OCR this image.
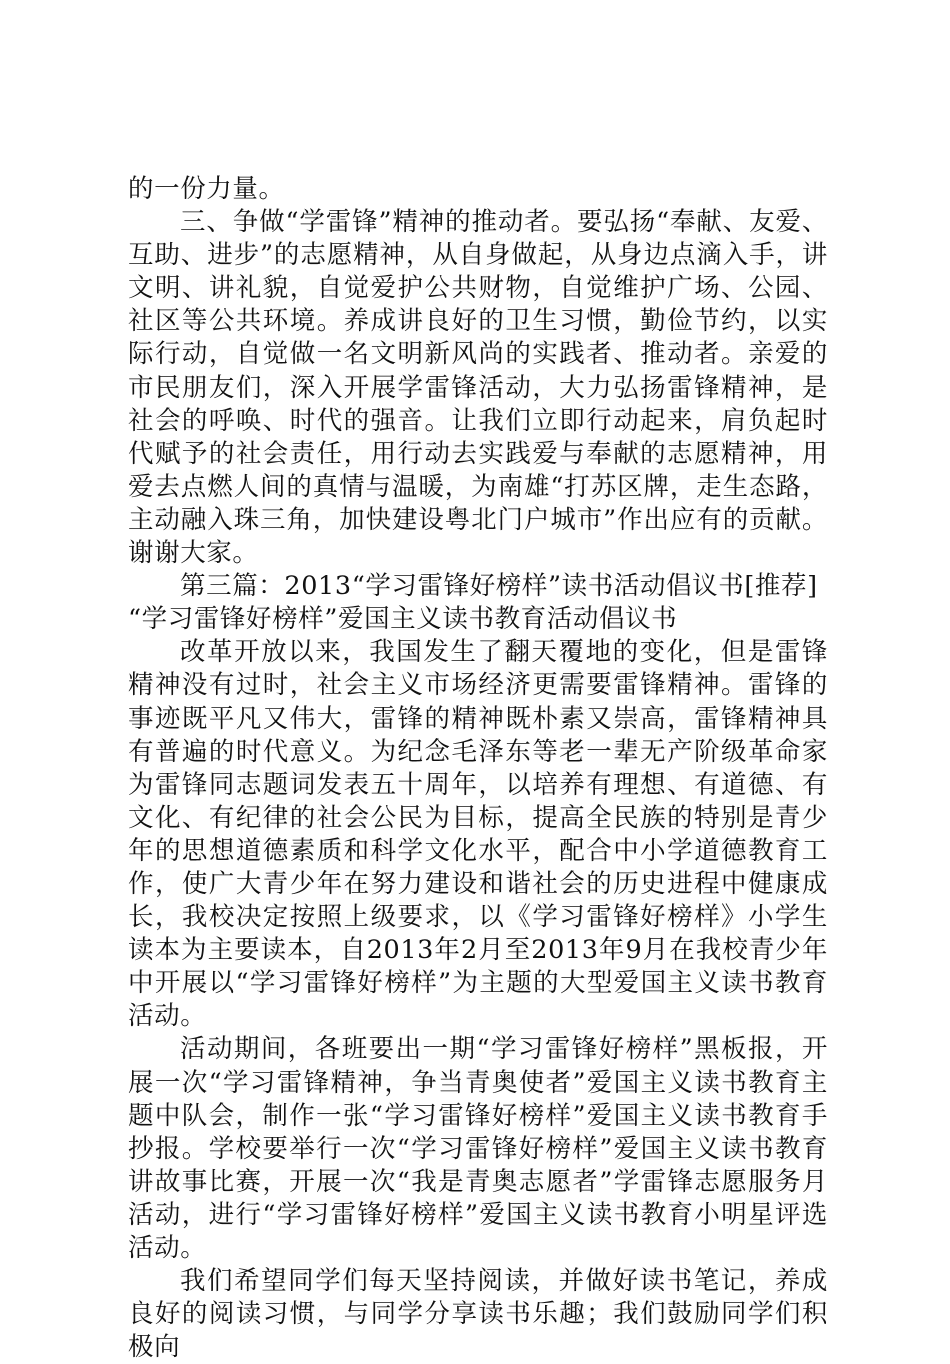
的一份力量。

三、争做“学雷锋”精神的推动者。要弘扬“奉献、友爱、互助、进步”的志愿精神，从自身做起，从身边点滴入手，讲文明、讲礼貌，自觉爱护公共财物，自觉维护广场、公园、社区等公共环境。养成讲良好的卫生习惯，勤俭节约，以实际行动，自觉做一名文明新风尚的实践者、推动者。亲爱的市民朋友们，深入开展学雷锋活动，大力弘扬雷锋精神，是社会的呼唤、时代的强音。让我们立即行动起来，肩负起时代赋予的社会责任，用行动去实践爱与奉献的志愿精神，用爱去点燃人间的真情与温暖，为南雄“打苏区牌，走生态路，主动融入珠三角，加快建设粤北门户城市”作出应有的贡献。谢谢大家。

第三篇：2013“学习雷锋好榜样”读书活动倡议书[推荐]

“学习雷锋好榜样”爱国主义读书教育活动倡议书

改革开放以来，我国发生了翻天覆地的变化，但是雷锋精神没有过时，社会主义市场经济更需要雷锋精神。雷锋的事迹既平凡又伟大，雷锋的精神既朴素又崇高，雷锋精神具有普遍的时代意义。为纪念毛泽东等老一辈无产阶级革命家为雷锋同志题词发表五十周年，以培养有理想、有道德、有文化、有纪律的社会公民为目标，提高全民族的特别是青少年的思想道德素质和科学文化水平，配合中小学道德教育工作，使广大青少年在努力建设和谐社会的历史进程中健康成长，我校决定按照上级要求，以《学习雷锋好榜样》小学生读本为主要读本，自2013年2月至2013年9月在我校青少年中开展以“学习雷锋好榜样”为主题的大型爱国主义读书教育活动。

活动期间，各班要出一期“学习雷锋好榜样”黑板报，开展一次“学习雷锋精神，争当青奥使者”爱国主义读书教育主题中队会，制作一张“学习雷锋好榜样”爱国主义读书教育手抄报。学校要举行一次“学习雷锋好榜样”爱国主义读书教育讲故事比赛，开展一次“我是青奥志愿者”学雷锋志愿服务月活动，进行“学习雷锋好榜样”爱国主义读书教育小明星评选活动。

我们希望同学们每天坚持阅读，并做好读书笔记，养成良好的阅读习惯，与同学分享读书乐趣；我们鼓励同学们积极向
